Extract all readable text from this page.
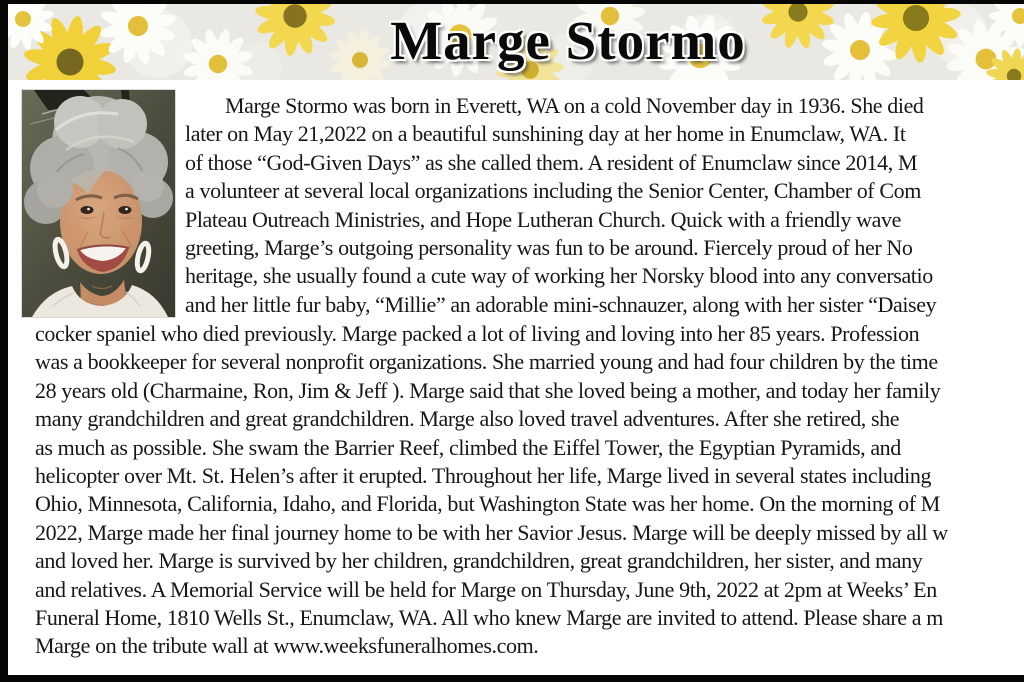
Marge Stormo
Marge Stormo was born in Everett, WA on a cold November day in 1936. She died
later on May 21,2022 on a beautiful sunshining day at her home in Enumclaw, WA. It
of those “God-Given Days” as she called them. A resident of Enumclaw since 2014, M
a volunteer at several local organizations including the Senior Center, Chamber of Com
Plateau Outreach Ministries, and Hope Lutheran Church. Quick with a friendly wave
greeting, Marge’s outgoing personality was fun to be around. Fiercely proud of her No
heritage, she usually found a cute way of working her Norsky blood into any conversatio
and her little fur baby, “Millie” an adorable mini-schnauzer, along with her sister “Daisey
cocker spaniel who died previously. Marge packed a lot of living and loving into her 85 years. Profession
was a bookkeeper for several nonprofit organizations. She married young and had four children by the time
28 years old (Charmaine, Ron, Jim & Jeff ). Marge said that she loved being a mother, and today her family
many grandchildren and great grandchildren. Marge also loved travel adventures. After she retired, she
as much as possible. She swam the Barrier Reef, climbed the Eiffel Tower, the Egyptian Pyramids, and
helicopter over Mt. St. Helen’s after it erupted. Throughout her life, Marge lived in several states including
Ohio, Minnesota, California, Idaho, and Florida, but Washington State was her home. On the morning of M
2022, Marge made her final journey home to be with her Savior Jesus. Marge will be deeply missed by all w
and loved her. Marge is survived by her children, grandchildren, great grandchildren, her sister, and many
and relatives. A Memorial Service will be held for Marge on Thursday, June 9th, 2022 at 2pm at Weeks’ En
Funeral Home, 1810 Wells St., Enumclaw, WA. All who knew Marge are invited to attend. Please share a m
Marge on the tribute wall at www.weeksfuneralhomes.com.
